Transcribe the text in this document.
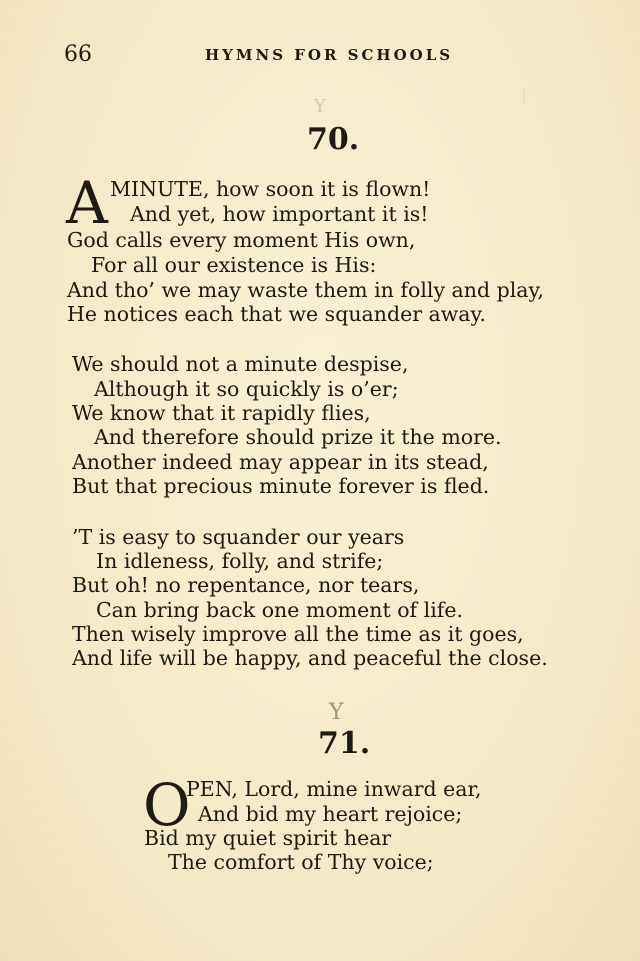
66	HYMNS FOR SCHOOLS
I
Y
70.
A MINUTE, how soon it is flown!
And yet, how important it is!
God calls every moment His own,
For all our existence is His:
And tho’ we may waste them in folly and play,
He notices each that we squander away.
We should not a minute despise,
Although it so quickly is o’er;
We know that it rapidly flies,
And therefore should prize it the more.
Another indeed may appear in its stead,
But that precious minute forever is fled.
’T is easy to squander our years
In idleness, folly, and strife;
But oh! no repentance, nor tears,
Can bring back one moment of life.
Then wisely improve all the time as it goes,
And life will be happy, and peaceful the close.
Y
71.
O
PEN, Lord, mine inward ear,
And bid my heart rejoice;
Bid my quiet spirit hear
The comfort of Thy voice;
